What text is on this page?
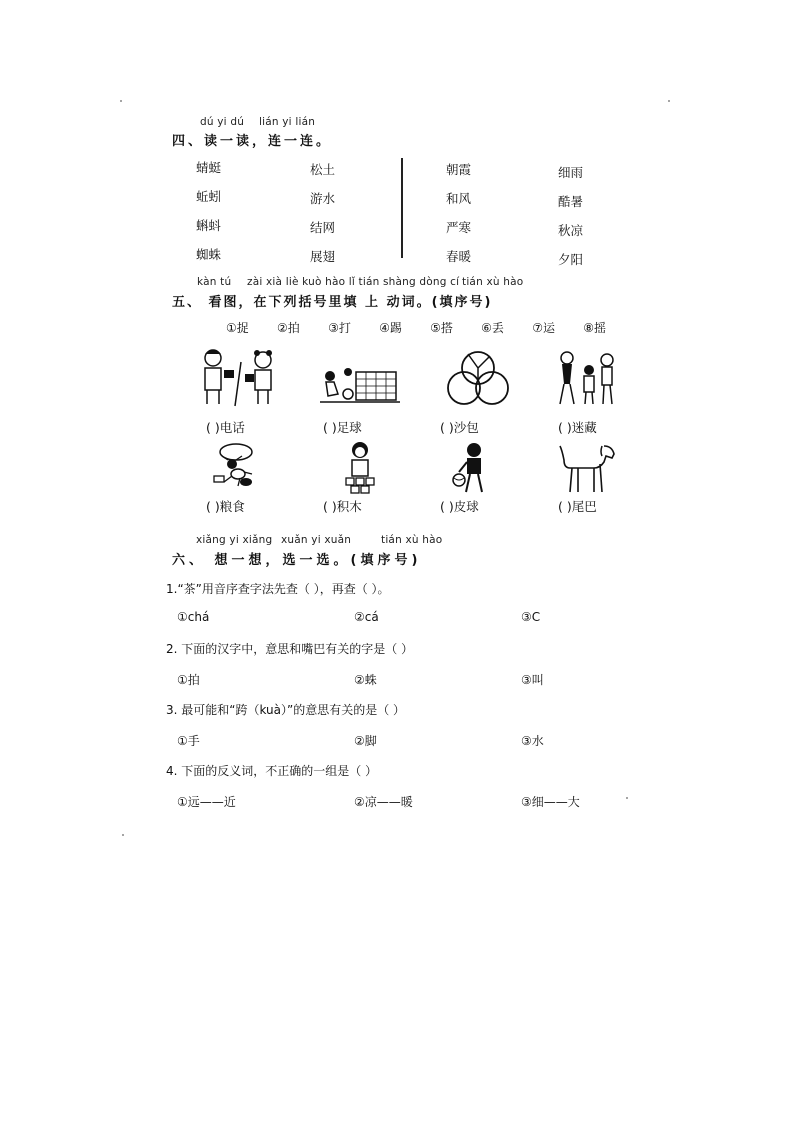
dú yi dú lián yi lián
四、读一读，连一连。
蜻蜓
蚯蚓
蝌蚪
蜘蛛
松土
游水
结网
展翅
朝霞
和风
严寒
春暖
细雨
酷暑
秋凉
夕阳
kàn tú zài xià liè kuò hào lǐ tián shàng dòng cí tián xù hào
五、 看图，在下列括号里填 上 动词。(填序号)
①捉 ②拍 ③打 ④踢 ⑤搭 ⑥丢 ⑦运 ⑧摇
( )电话	( )足球	( )沙包	( )迷藏
( )粮食	( )积木	( )皮球	( )尾巴
xiǎng yi xiǎng xuǎn yi xuǎn	tián xù hào
六、 想一想，选一选。(填序号)
1.“茶”用音序查字法先查（ ），再查（ ）。
①chá	②cá	③C
2. 下面的汉字中，意思和嘴巴有关的字是（ ）
①拍	②蛛	③叫
3. 最可能和“跨（kuà）”的意思有关的是（ ）
①手	②脚	③水
4. 下面的反义词，不正确的一组是（ ）
①远——近	②凉——暖	③细——大
